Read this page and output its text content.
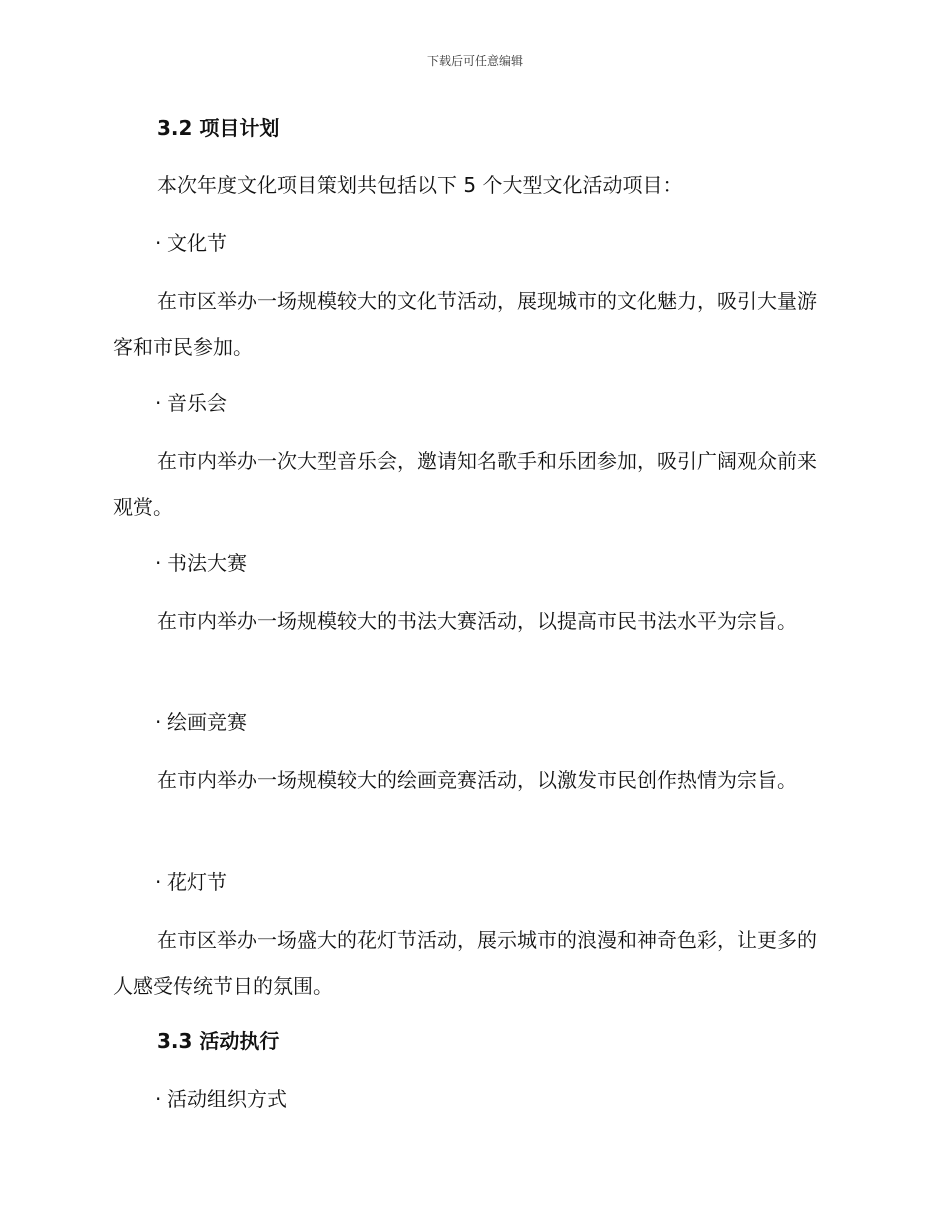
下载后可任意编辑
3.2 项目计划

本次年度文化项目策划共包括以下 5 个大型文化活动项目：

· 文化节

在市区举办一场规模较大的文化节活动，展现城市的文化魅力，吸引大量游客和市民参加。

· 音乐会

在市内举办一次大型音乐会，邀请知名歌手和乐团参加，吸引广阔观众前来观赏。

· 书法大赛

在市内举办一场规模较大的书法大赛活动，以提高市民书法水平为宗旨。

· 绘画竞赛

在市内举办一场规模较大的绘画竞赛活动，以激发市民创作热情为宗旨。

· 花灯节

在市区举办一场盛大的花灯节活动，展示城市的浪漫和神奇色彩，让更多的人感受传统节日的氛围。

3.3 活动执行
· 活动组织方式
